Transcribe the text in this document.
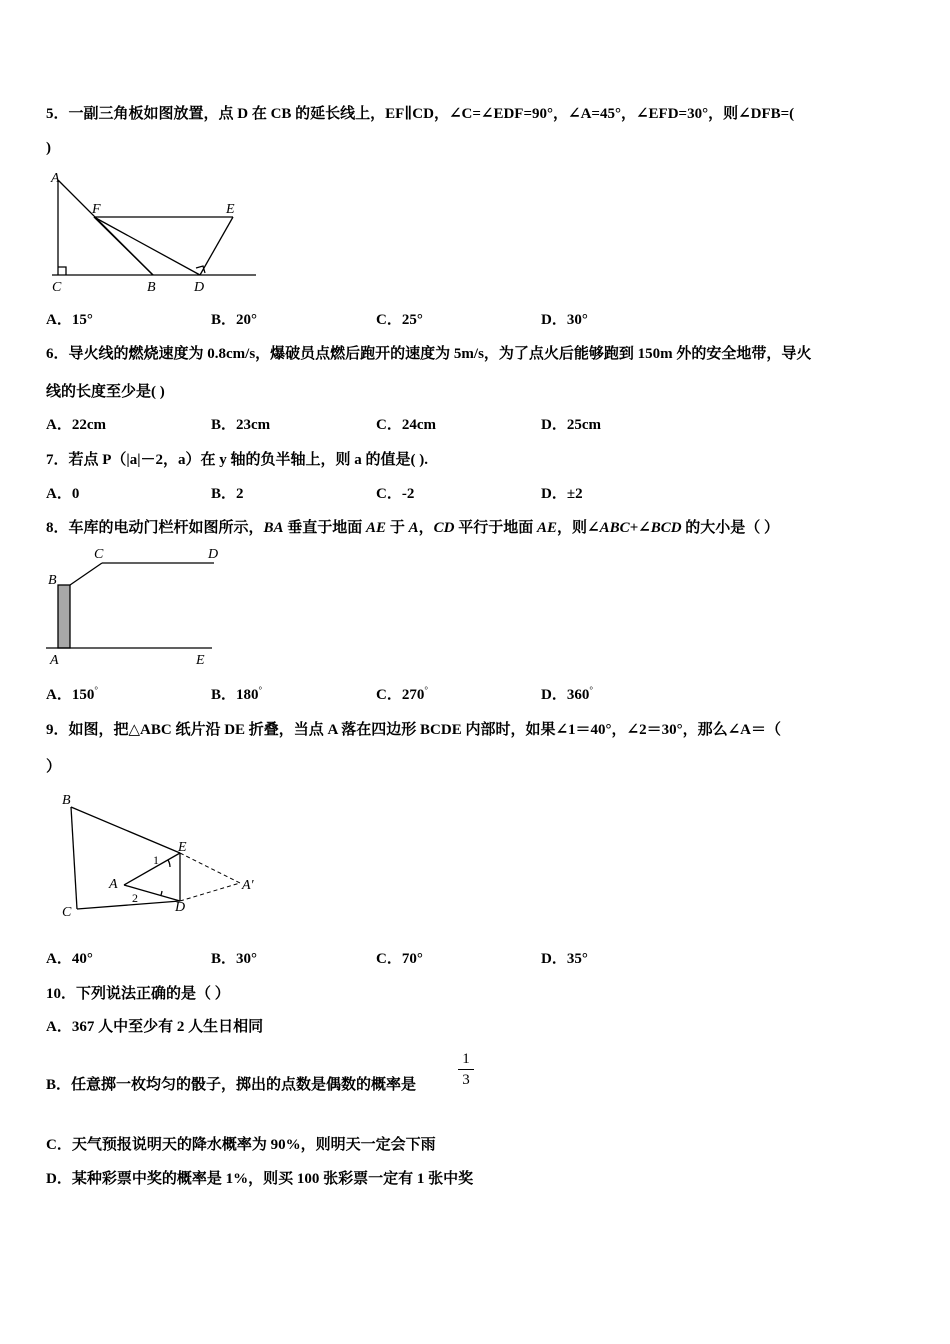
5．一副三角板如图放置，点 D 在 CB 的延长线上，EF∥CD，∠C=∠EDF=90°，∠A=45°，∠EFD=30°，则∠DFB=(
)
A
F	E
C	B	D
A．15°	B．20°	C．25°	D．30°
6．导火线的燃烧速度为 0.8cm/s，爆破员点燃后跑开的速度为 5m/s，为了点火后能够跑到 150m 外的安全地带，导火
线的长度至少是( )
A．22cm	B．23cm	C．24cm	D．25cm
7．若点 P（|a|－2，a）在 y 轴的负半轴上，则 a 的值是( ).
A．0	B．2	C．-2	D．±2
8．车库的电动门栏杆如图所示，BA 垂直于地面 AE 于 A，CD 平行于地面 AE，则∠ABC+∠BCD 的大小是（ ）
B
C	D
A	E
A．150°	B．180°	C．270°	D．360°
9．如图，把△ABC 纸片沿 DE 折叠，当点 A 落在四边形 BCDE 内部时，如果∠1＝40°，∠2＝30°，那么∠A＝（
）
B
E
1
A	A′
2
C	D
A．40°	B．30°	C．70°	D．35°
10．下列说法正确的是（ ）
A．367 人中至少有 2 人生日相同
B．任意掷一枚均匀的骰子，掷出的点数是偶数的概率是
1
3
C．天气预报说明天的降水概率为 90%，则明天一定会下雨
D．某种彩票中奖的概率是 1%，则买 100 张彩票一定有 1 张中奖
